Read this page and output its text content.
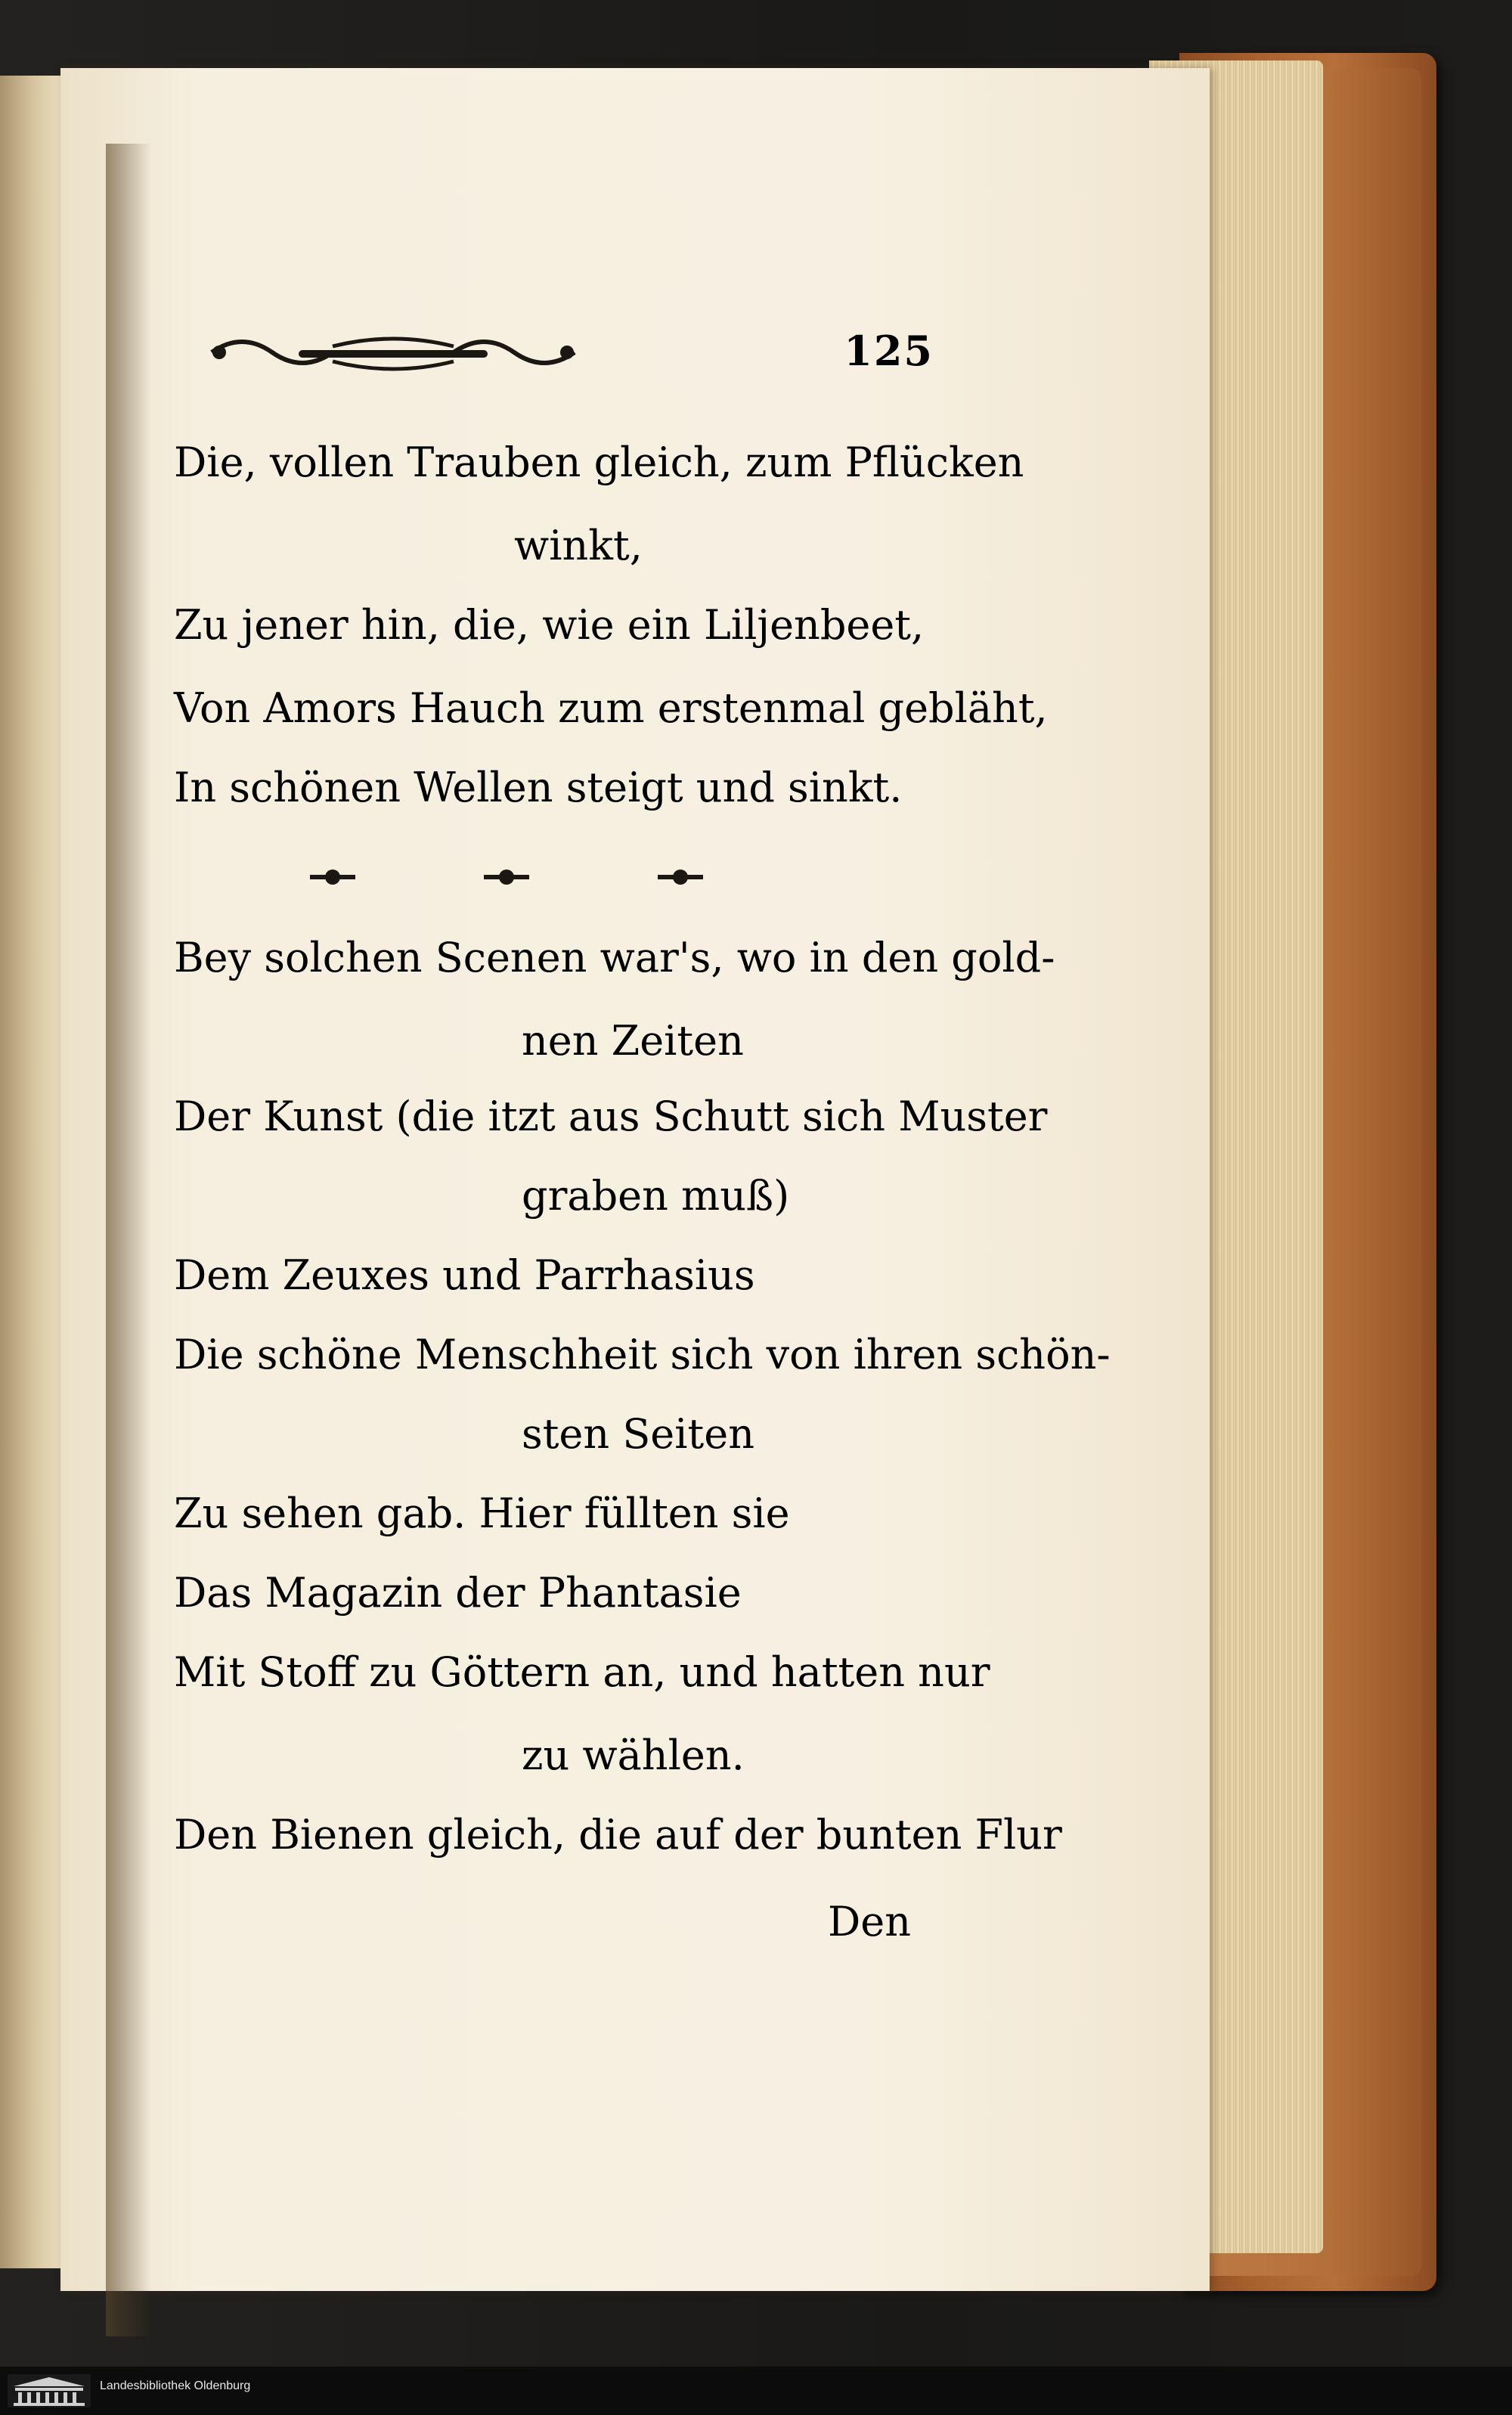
125
Die, vollen Trauben gleich, zum Pflücken
winkt,
Zu jener hin, die, wie ein Liljenbeet,
Von Amors Hauch zum erstenmal gebläht,
In schönen Wellen steigt und sinkt.
Bey solchen Scenen war's, wo in den gold-
nen Zeiten
Der Kunst (die itzt aus Schutt sich Muster
graben muß)
Dem Zeuxes und Parrhasius
Die schöne Menschheit sich von ihren schön-
sten Seiten
Zu sehen gab. Hier füllten sie
Das Magazin der Phantasie
Mit Stoff zu Göttern an, und hatten nur
zu wählen.
Den Bienen gleich, die auf der bunten Flur
Den
Landesbibliothek Oldenburg
